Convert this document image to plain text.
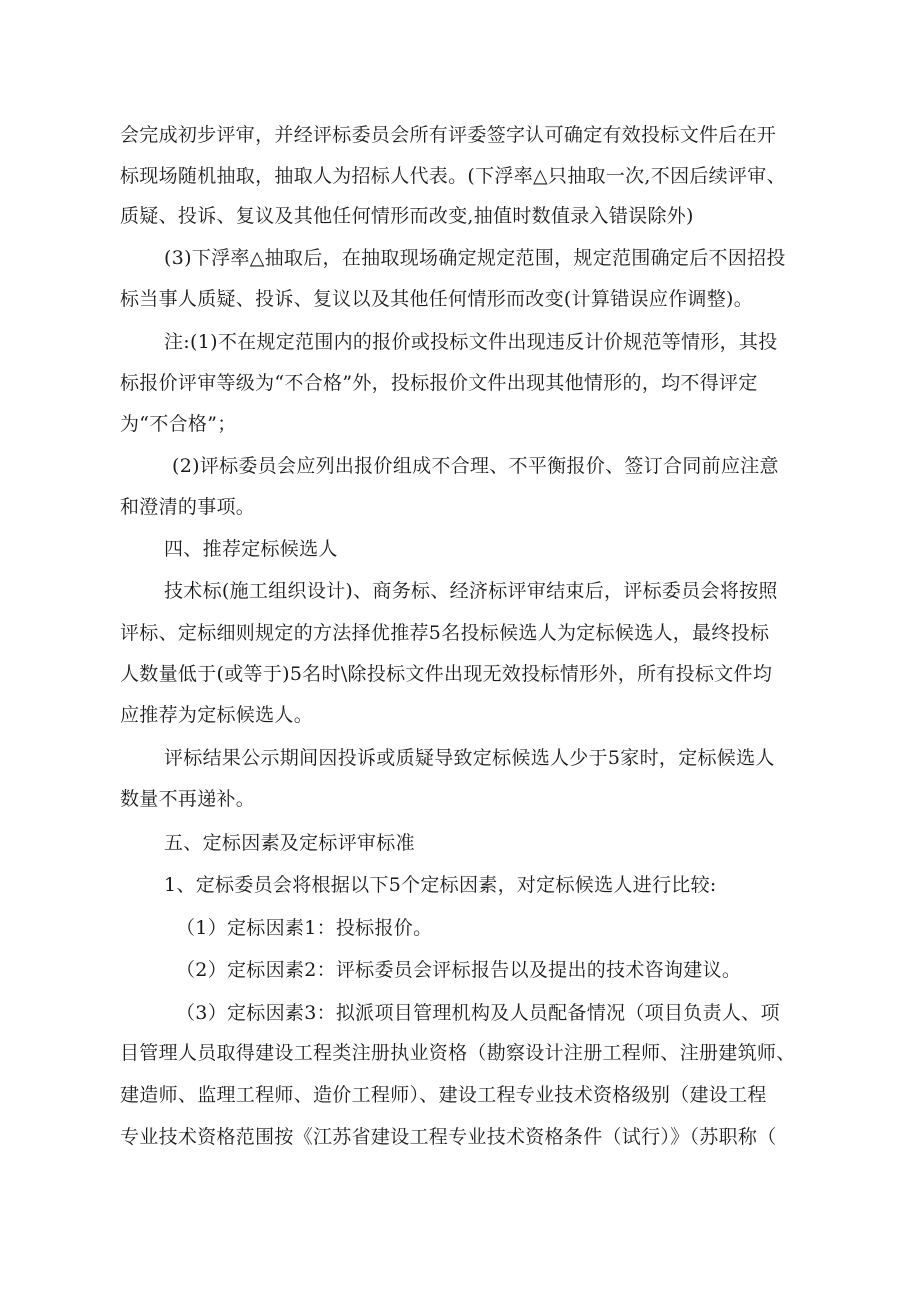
会完成初步评审，并经评标委员会所有评委签字认可确定有效投标文件后在开

标现场随机抽取，抽取人为招标人代表。(下浮率△只抽取一次,不因后续评审、

质疑、投诉、复议及其他任何情形而改变,抽值时数值录入错误除外)

(3)下浮率△抽取后，在抽取现场确定规定范围，规定范围确定后不因招投

标当事人质疑、投诉、复议以及其他任何情形而改变(计算错误应作调整)。

注:(1)不在规定范围内的报价或投标文件出现违反计价规范等情形，其投

标报价评审等级为“不合格”外，投标报价文件出现其他情形的，均不得评定

为“不合格”；

(2)评标委员会应列出报价组成不合理、不平衡报价、签订合同前应注意

和澄清的事项。

四、推荐定标候选人

技术标(施工组织设计)、商务标、经济标评审结束后，评标委员会将按照

评标、定标细则规定的方法择优推荐5名投标候选人为定标候选人，最终投标

人数量低于(或等于)5名时\除投标文件出现无效投标情形外，所有投标文件均

应推荐为定标候选人。

评标结果公示期间因投诉或质疑导致定标候选人少于5家时，定标候选人

数量不再递补。

五、定标因素及定标评审标准

1、定标委员会将根据以下5个定标因素，对定标候选人进行比较:

（1）定标因素1：投标报价。

（2）定标因素2：评标委员会评标报告以及提出的技术咨询建议。

（3）定标因素3：拟派项目管理机构及人员配备情况（项目负责人、项

目管理人员取得建设工程类注册执业资格（勘察设计注册工程师、注册建筑师、

建造师、监理工程师、造价工程师）、建设工程专业技术资格级别（建设工程

专业技术资格范围按《江苏省建设工程专业技术资格条件（试行）》（苏职称（
